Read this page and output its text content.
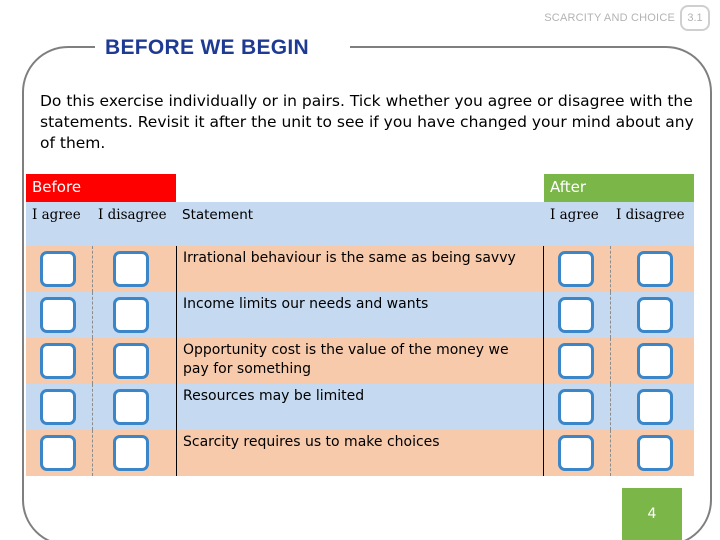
SCARCITY AND CHOICE	3.1
BEFORE WE BEGIN
Do this exercise individually or in pairs. Tick whether you agree or disagree with the statements. Revisit it after the unit to see if you have changed your mind about any of them.
Before	After
I agree	I disagree	Statement	I agree	I disagree
Irrational behaviour is the same as being savvy
Income limits our needs and wants
Opportunity cost is the value of the money we pay for something
Resources may be limited
Scarcity requires us to make choices
4
